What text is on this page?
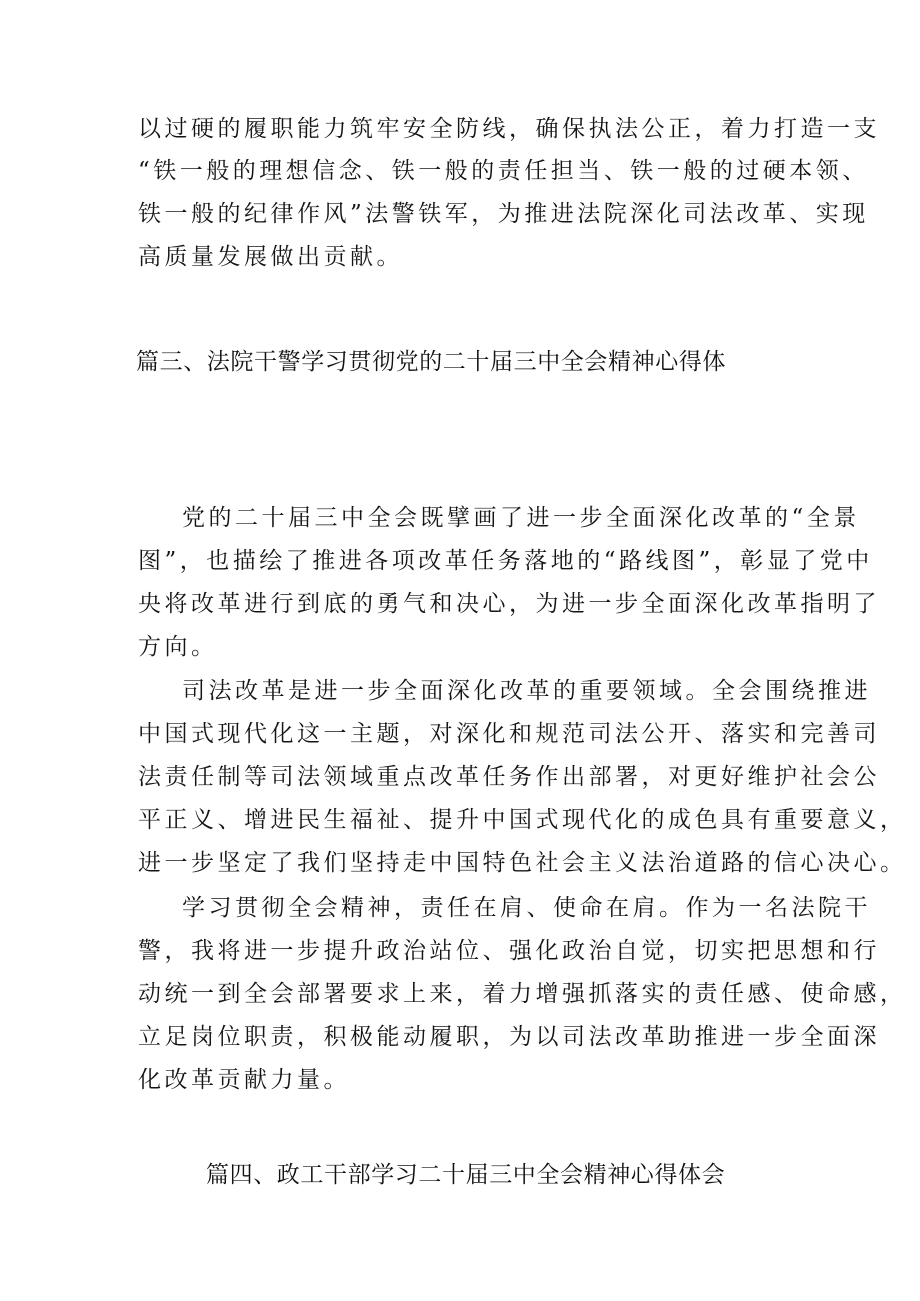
以过硬的履职能力筑牢安全防线，确保执法公正，着力打造一支
“铁一般的理想信念、铁一般的责任担当、铁一般的过硬本领、
铁一般的纪律作风”法警铁军，为推进法院深化司法改革、实现
高质量发展做出贡献。
篇三、法院干警学习贯彻党的二十届三中全会精神心得体
党的二十届三中全会既擘画了进一步全面深化改革的“全景
图”，也描绘了推进各项改革任务落地的“路线图”，彰显了党中
央将改革进行到底的勇气和决心，为进一步全面深化改革指明了
方向。
司法改革是进一步全面深化改革的重要领域。全会围绕推进
中国式现代化这一主题，对深化和规范司法公开、落实和完善司
法责任制等司法领域重点改革任务作出部署，对更好维护社会公
平正义、增进民生福祉、提升中国式现代化的成色具有重要意义，
进一步坚定了我们坚持走中国特色社会主义法治道路的信心决心。
学习贯彻全会精神，责任在肩、使命在肩。作为一名法院干
警，我将进一步提升政治站位、强化政治自觉，切实把思想和行
动统一到全会部署要求上来，着力增强抓落实的责任感、使命感，
立足岗位职责，积极能动履职，为以司法改革助推进一步全面深
化改革贡献力量。
篇四、政工干部学习二十届三中全会精神心得体会
